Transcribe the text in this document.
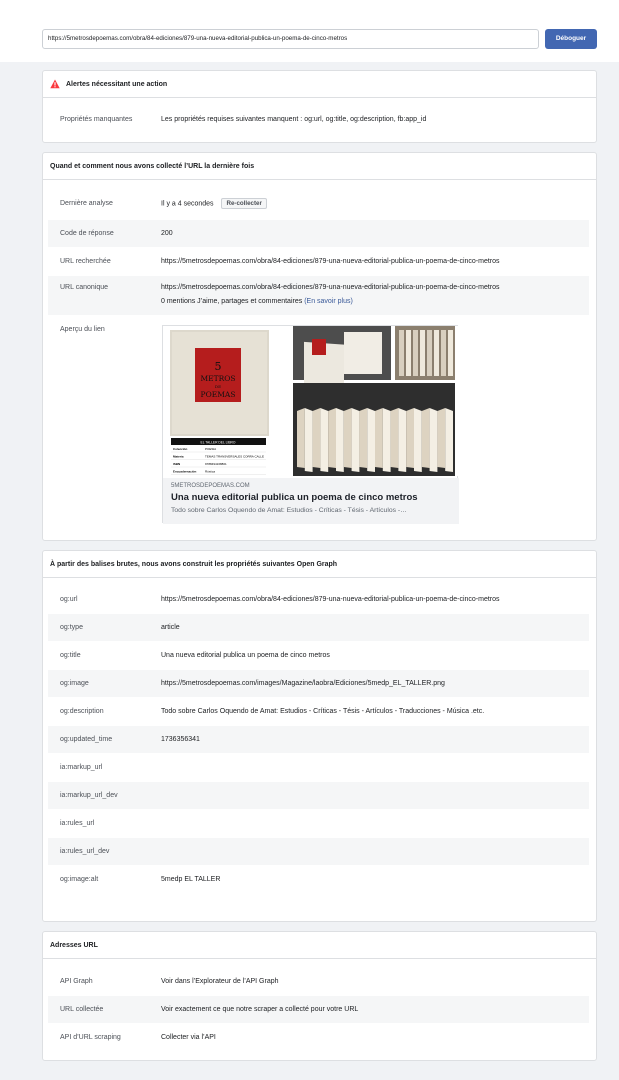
https://5metrosdepoemas.com/obra/84-ediciones/879-una-nueva-editorial-publica-un-poema-de-cinco-metros	Déboguer
Alertes nécessitant une action
Propriétés manquantes	Les propriétés requises suivantes manquent : og:url, og:title, og:description, fb:app_id
Quand et comment nous avons collecté l’URL la dernière fois
Dernière analyse	Il y a 4 secondes Re-collecter
Code de réponse	200
URL recherchée	https://5metrosdepoemas.com/obra/84-ediciones/879-una-nueva-editorial-publica-un-poema-de-cinco-metros
URL canonique	https://5metrosdepoemas.com/obra/84-ediciones/879-una-nueva-editorial-publica-un-poema-de-cinco-metros
0 mentions J’aime, partages et commentaires (En savoir plus)
Aperçu du lien
5
METROS
DE
POEMAS
EL TALLER DEL LIBRO
Colección	POESIA
Materia	TEMAS TRANSVERSALES CORRA CALLE
ISBN	9788494168801
Encuadernación	Rústica
5METROSDEPOEMAS.COM
Una nueva editorial publica un poema de cinco metros
Todo sobre Carlos Oquendo de Amat: Estudios - Críticas - Tésis - Artículos -…
À partir des balises brutes, nous avons construit les propriétés suivantes Open Graph
og:url	https://5metrosdepoemas.com/obra/84-ediciones/879-una-nueva-editorial-publica-un-poema-de-cinco-metros
og:type	article
og:title	Una nueva editorial publica un poema de cinco metros
og:image	https://5metrosdepoemas.com/images/Magazine/laobra/Ediciones/5medp_EL_TALLER.png
og:description	Todo sobre Carlos Oquendo de Amat: Estudios - Críticas - Tésis - Artículos - Traducciones - Música .etc.
og:updated_time	1736356341
ia:markup_url
ia:markup_url_dev
ia:rules_url
ia:rules_url_dev
og:image:alt	5medp EL TALLER
Adresses URL
API Graph	Voir dans l’Explorateur de l’API Graph
URL collectée	Voir exactement ce que notre scraper a collecté pour votre URL
API d’URL scraping	Collecter via l’API
